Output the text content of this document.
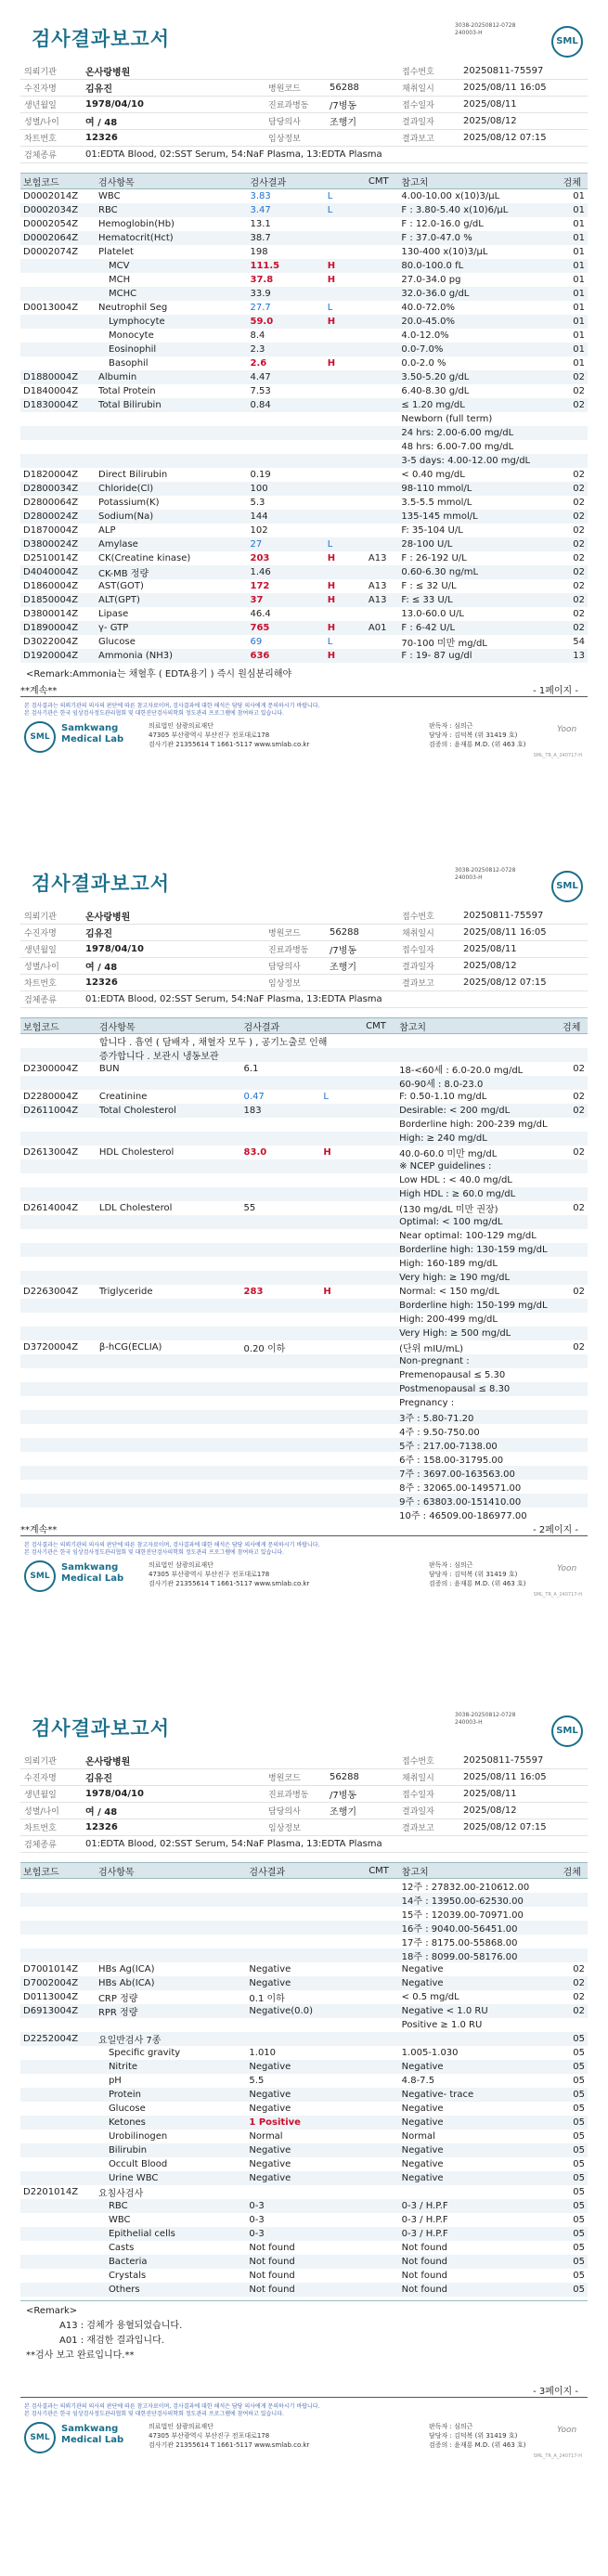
검사결과보고서
3038-20250812-0728
240003-H
SML
의뢰기관	온사랑병원			접수번호	20250811-75597
수진자명	김유진	병원코드	56288	채취일시	2025/08/11 16:05
생년월일	1978/04/10	진료과병동	/7병동	접수일자	2025/08/11
성별/나이	여 / 48	담당의사	조행기	결과일자	2025/08/12
차트번호	12326	임상정보		결과보고	2025/08/12 07:15
검체종류	01:EDTA Blood, 02:SST Serum, 54:NaF Plasma, 13:EDTA Plasma				
보험코드	검사항목	검사결과		CMT	참고치	검체
D0002014Z	WBC	3.83	L		4.00-10.00 x(10)3/μL	01
D0002034Z	RBC	3.47	L		F : 3.80-5.40 x(10)6/μL	01
D0002054Z	Hemoglobin(Hb)	13.1			F : 12.0-16.0 g/dL	01
D0002064Z	Hematocrit(Hct)	38.7			F : 37.0-47.0 %	01
D0002074Z	Platelet	198			130-400 x(10)3/μL	01
	MCV	111.5	H		80.0-100.0 fL	01
	MCH	37.8	H		27.0-34.0 pg	01
	MCHC	33.9			32.0-36.0 g/dL	01
D0013004Z	Neutrophil Seg	27.7	L		40.0-72.0%	01
	Lymphocyte	59.0	H		20.0-45.0%	01
	Monocyte	8.4			4.0-12.0%	01
	Eosinophil	2.3			0.0-7.0%	01
	Basophil	2.6	H		0.0-2.0 %	01
D1880004Z	Albumin	4.47			3.50-5.20 g/dL	02
D1840004Z	Total Protein	7.53			6.40-8.30 g/dL	02
D1830004Z	Total Bilirubin	0.84			≤ 1.20 mg/dL	02
					Newborn (full term)	
					24 hrs: 2.00-6.00 mg/dL	
					48 hrs: 6.00-7.00 mg/dL	
					3-5 days: 4.00-12.00 mg/dL	
D1820004Z	Direct Bilirubin	0.19			< 0.40 mg/dL	02
D2800034Z	Chloride(Cl)	100			98-110 mmol/L	02
D2800064Z	Potassium(K)	5.3			3.5-5.5 mmol/L	02
D2800024Z	Sodium(Na)	144			135-145 mmol/L	02
D1870004Z	ALP	102			F: 35-104 U/L	02
D3800024Z	Amylase	27	L		28-100 U/L	02
D2510014Z	CK(Creatine kinase)	203	H	A13	F : 26-192 U/L	02
D4040004Z	CK-MB 정량	1.46			0.60-6.30 ng/mL	02
D1860004Z	AST(GOT)	172	H	A13	F : ≤ 32 U/L	02
D1850004Z	ALT(GPT)	37	H	A13	F: ≤ 33 U/L	02
D3800014Z	Lipase	46.4			13.0-60.0 U/L	02
D1890004Z	γ- GTP	765	H	A01	F : 6-42 U/L	02
D3022004Z	Glucose	69	L		70-100 미만 mg/dL	54
D1920004Z	Ammonia (NH3)	636	H		F : 19- 87 ug/dl	13
<Remark:Ammonia는 채혈후 ( EDTA용기 ) 즉시 원심분리해야
**계속**	- 1페이지 -
본 검사결과는 의뢰기관의 의사의 판단에 따른 참고자료이며, 검사결과에 대한 해석은 담당 의사에게 문의하시기 바랍니다.
본 검사기관은 한국 임상검사정도관리협회 및 대한진단검사의학회 정도관리 프로그램에 참여하고 있습니다.
SML
Samkwang
Medical Lab
의료법인 삼광의료재단
47305 부산광역시 부산진구 전포대로178
검사기관 21355614 T 1661-5117 www.smlab.co.kr
판독자 : 심의근
담당자 : 김덕복 (위 31419 호)
검증의 : 윤재룡 M.D. (위 463 호)
Yoon
SML_TR_A_240717-H
검사결과보고서
3038-20250812-0728
240003-H
SML
의뢰기관	온사랑병원			접수번호	20250811-75597
수진자명	김유진	병원코드	56288	채취일시	2025/08/11 16:05
생년월일	1978/04/10	진료과병동	/7병동	접수일자	2025/08/11
성별/나이	여 / 48	담당의사	조행기	결과일자	2025/08/12
차트번호	12326	임상정보		결과보고	2025/08/12 07:15
검체종류	01:EDTA Blood, 02:SST Serum, 54:NaF Plasma, 13:EDTA Plasma				
보험코드	검사항목	검사결과		CMT	참고치	검체
	합니다 . 흡연 ( 담배자 , 채혈자 모두 ) , 공기노출로 인해					
	증가합니다 . 보관시 냉동보관					
D2300004Z	BUN	6.1			18-<60세 : 6.0-20.0 mg/dL	02
					60-90세 : 8.0-23.0	
D2280004Z	Creatinine	0.47	L		F: 0.50-1.10 mg/dL	02
D2611004Z	Total Cholesterol	183			Desirable: < 200 mg/dL	02
					Borderline high: 200-239 mg/dL	
					High: ≥ 240 mg/dL	
D2613004Z	HDL Cholesterol	83.0	H		40.0-60.0 미만 mg/dL	02
					※ NCEP guidelines :	
					Low HDL : < 40.0 mg/dL	
					High HDL : ≥ 60.0 mg/dL	
D2614004Z	LDL Cholesterol	55			(130 mg/dL 미만 권장)	02
					Optimal: < 100 mg/dL	
					Near optimal: 100-129 mg/dL	
					Borderline high: 130-159 mg/dL	
					High: 160-189 mg/dL	
					Very high: ≥ 190 mg/dL	
D2263004Z	Triglyceride	283	H		Normal: < 150 mg/dL	02
					Borderline high: 150-199 mg/dL	
					High: 200-499 mg/dL	
					Very High: ≥ 500 mg/dL	
D3720004Z	β-hCG(ECLIA)	0.20 이하			(단위 mIU/mL)	02
					Non-pregnant :	
					Premenopausal ≤ 5.30	
					Postmenopausal ≤ 8.30	
					Pregnancy :	
					3주 : 5.80-71.20	
					4주 : 9.50-750.00	
					5주 : 217.00-7138.00	
					6주 : 158.00-31795.00	
					7주 : 3697.00-163563.00	
					8주 : 32065.00-149571.00	
					9주 : 63803.00-151410.00	
					10주 : 46509.00-186977.00	
**계속**	- 2페이지 -
본 검사결과는 의뢰기관의 의사의 판단에 따른 참고자료이며, 검사결과에 대한 해석은 담당 의사에게 문의하시기 바랍니다.
본 검사기관은 한국 임상검사정도관리협회 및 대한진단검사의학회 정도관리 프로그램에 참여하고 있습니다.
SML
Samkwang
Medical Lab
의료법인 삼광의료재단
47305 부산광역시 부산진구 전포대로178
검사기관 21355614 T 1661-5117 www.smlab.co.kr
판독자 : 심의근
담당자 : 김덕복 (위 31419 호)
검증의 : 윤재룡 M.D. (위 463 호)
Yoon
SML_TR_A_240717-H
검사결과보고서
3038-20250812-0728
240003-H
SML
의뢰기관	온사랑병원			접수번호	20250811-75597
수진자명	김유진	병원코드	56288	채취일시	2025/08/11 16:05
생년월일	1978/04/10	진료과병동	/7병동	접수일자	2025/08/11
성별/나이	여 / 48	담당의사	조행기	결과일자	2025/08/12
차트번호	12326	임상정보		결과보고	2025/08/12 07:15
검체종류	01:EDTA Blood, 02:SST Serum, 54:NaF Plasma, 13:EDTA Plasma				
보험코드	검사항목	검사결과		CMT	참고치	검체
					12주 : 27832.00-210612.00	
					14주 : 13950.00-62530.00	
					15주 : 12039.00-70971.00	
					16주 : 9040.00-56451.00	
					17주 : 8175.00-55868.00	
					18주 : 8099.00-58176.00	
D7001014Z	HBs Ag(ICA)	Negative			Negative	02
D7002004Z	HBs Ab(ICA)	Negative			Negative	02
D0113004Z	CRP 정량	0.1 이하			< 0.5 mg/dL	02
D6913004Z	RPR 정량	Negative(0.0)			Negative < 1.0 RU	02
					Positive ≥ 1.0 RU	
D2252004Z	요일반검사 7종					05
	Specific gravity	1.010			1.005-1.030	05
	Nitrite	Negative			Negative	05
	pH	5.5			4.8-7.5	05
	Protein	Negative			Negative- trace	05
	Glucose	Negative			Negative	05
	Ketones	1 Positive			Negative	05
	Urobilinogen	Normal			Normal	05
	Bilirubin	Negative			Negative	05
	Occult Blood	Negative			Negative	05
	Urine WBC	Negative			Negative	05
D2201014Z	요침사검사					05
	RBC	0-3			0-3 / H.P.F	05
	WBC	0-3			0-3 / H.P.F	05
	Epithelial cells	0-3			0-3 / H.P.F	05
	Casts	Not found			Not found	05
	Bacteria	Not found			Not found	05
	Crystals	Not found			Not found	05
	Others	Not found			Not found	05
<Remark>
A13 : 검체가 용혈되었습니다.
A01 : 재검한 결과입니다.
**검사 보고 완료입니다.**
- 3페이지 -
본 검사결과는 의뢰기관의 의사의 판단에 따른 참고자료이며, 검사결과에 대한 해석은 담당 의사에게 문의하시기 바랍니다.
본 검사기관은 한국 임상검사정도관리협회 및 대한진단검사의학회 정도관리 프로그램에 참여하고 있습니다.
SML
Samkwang
Medical Lab
의료법인 삼광의료재단
47305 부산광역시 부산진구 전포대로178
검사기관 21355614 T 1661-5117 www.smlab.co.kr
판독자 : 심의근
담당자 : 김덕복 (위 31419 호)
검증의 : 윤재룡 M.D. (위 463 호)
Yoon
SML_TR_A_240717-H
